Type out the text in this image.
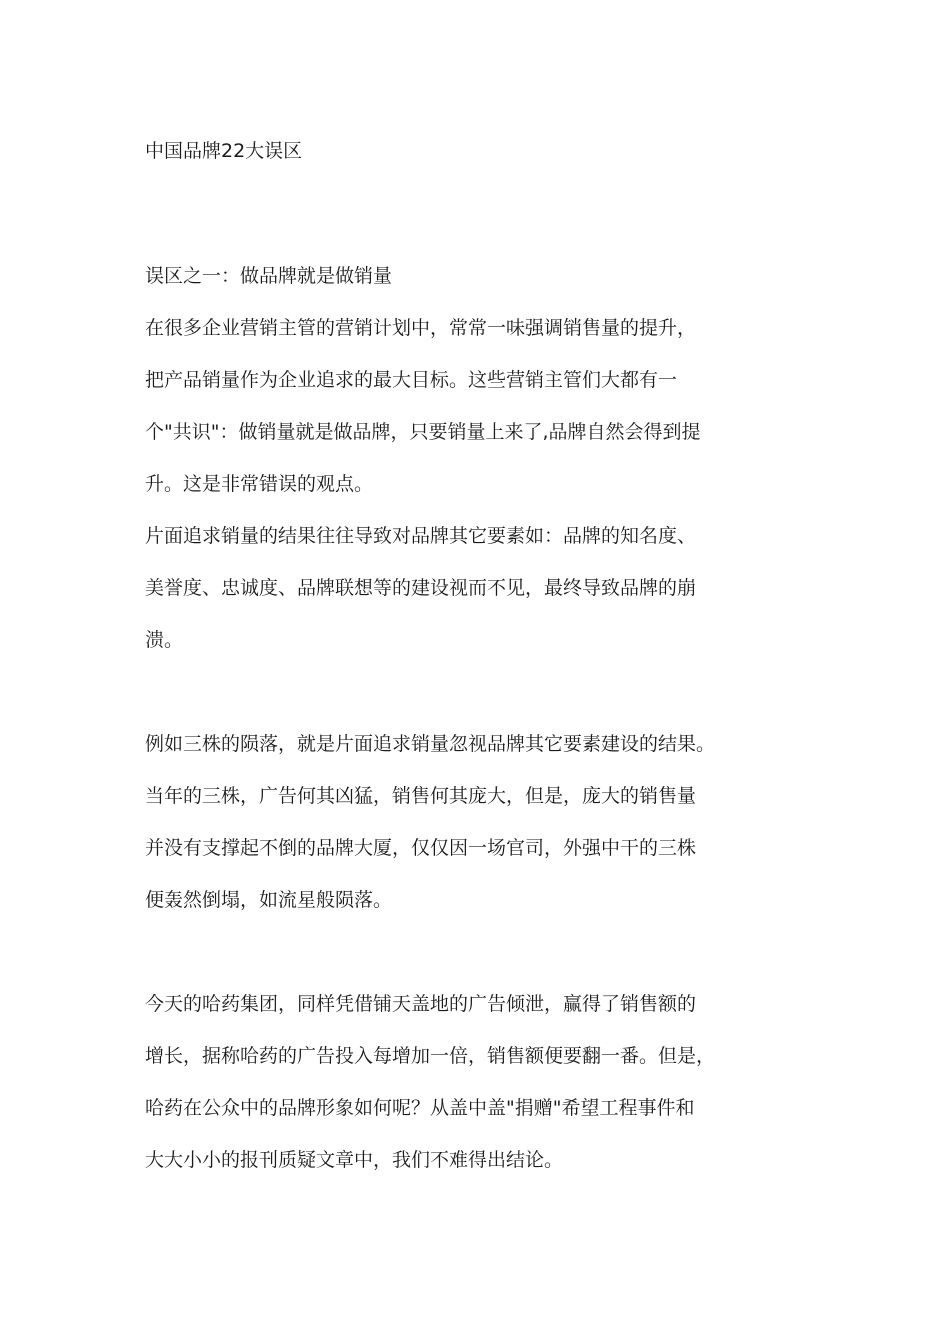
中国品牌22大误区
误区之一：做品牌就是做销量
在很多企业营销主管的营销计划中，常常一味强调销售量的提升，
把产品销量作为企业追求的最大目标。这些营销主管们大都有一
个"共识"：做销量就是做品牌，只要销量上来了,品牌自然会得到提
升。这是非常错误的观点。
片面追求销量的结果往往导致对品牌其它要素如：品牌的知名度、
美誉度、忠诚度、品牌联想等的建设视而不见，最终导致品牌的崩
溃。
例如三株的陨落，就是片面追求销量忽视品牌其它要素建设的结果。
当年的三株，广告何其凶猛，销售何其庞大，但是，庞大的销售量
并没有支撑起不倒的品牌大厦，仅仅因一场官司，外强中干的三株
便轰然倒塌，如流星般陨落。
今天的哈药集团，同样凭借铺天盖地的广告倾泄，赢得了销售额的
增长，据称哈药的广告投入每增加一倍，销售额便要翻一番。但是，
哈药在公众中的品牌形象如何呢？从盖中盖"捐赠"希望工程事件和
大大小小的报刊质疑文章中，我们不难得出结论。
